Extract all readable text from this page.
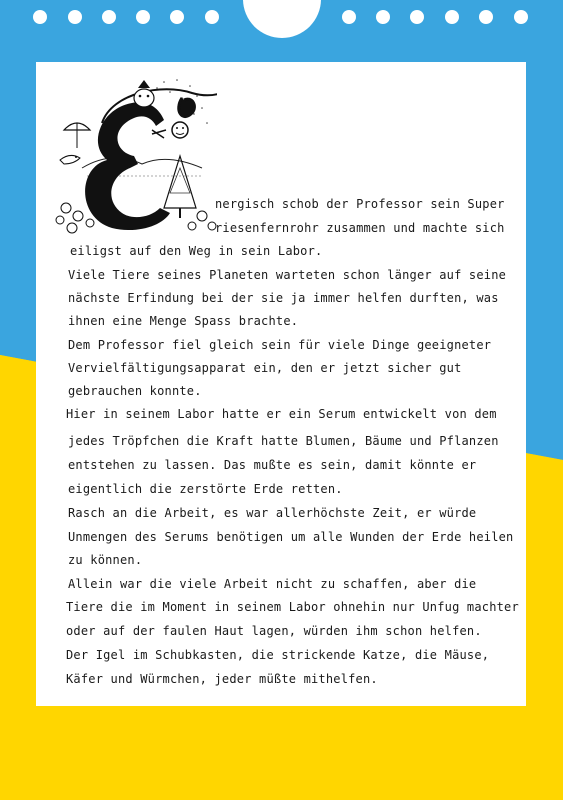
nergisch schob der Professor sein Super
riesenfernrohr zusammen und machte sich
eiligst auf den Weg in sein Labor.
Viele Tiere seines Planeten warteten schon länger auf seine
nächste Erfindung bei der sie ja immer helfen durften, was
ihnen eine Menge Spass brachte.
Dem Professor fiel gleich sein für viele Dinge geeigneter
Vervielfältigungsapparat ein, den er jetzt sicher gut
gebrauchen konnte.
Hier in seinem Labor hatte er ein Serum entwickelt von dem
jedes Tröpfchen die Kraft hatte Blumen, Bäume und Pflanzen
entstehen zu lassen. Das mußte es sein, damit könnte er
eigentlich die zerstörte Erde retten.
Rasch an die Arbeit, es war allerhöchste Zeit, er würde
Unmengen des Serums benötigen um alle Wunden der Erde heilen
zu können.
Allein war die viele Arbeit nicht zu schaffen, aber die
Tiere die im Moment in seinem Labor ohnehin nur Unfug machter
oder auf der faulen Haut lagen, würden ihm schon helfen.
Der Igel im Schubkasten, die strickende Katze, die Mäuse,
Käfer und Würmchen, jeder müßte mithelfen.
